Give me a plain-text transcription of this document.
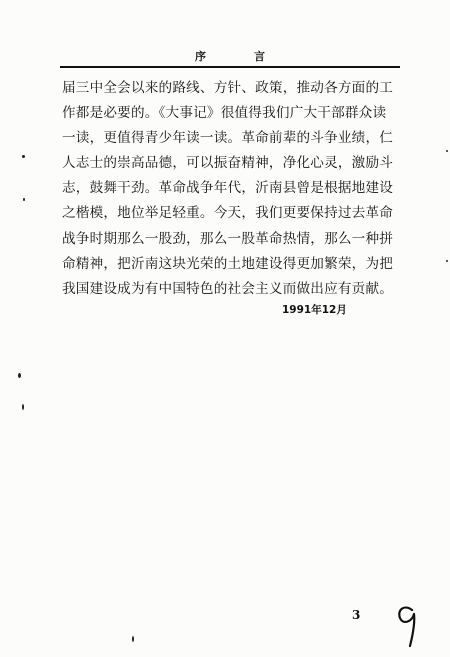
序言
届三中全会以来的路线、方针、政策，推动各方面的工
作都是必要的。《大事记》很值得我们广大干部群众读
一读，更值得青少年读一读。革命前辈的斗争业绩，仁
人志士的崇高品德，可以振奋精神，净化心灵，激励斗
志，鼓舞干劲。革命战争年代，沂南县曾是根据地建设
之楷模，地位举足轻重。今天，我们更要保持过去革命
战争时期那么一股劲，那么一股革命热情，那么一种拼
命精神，把沂南这块光荣的土地建设得更加繁荣，为把
我国建设成为有中国特色的社会主义而做出应有贡献。
1991年12月
3
